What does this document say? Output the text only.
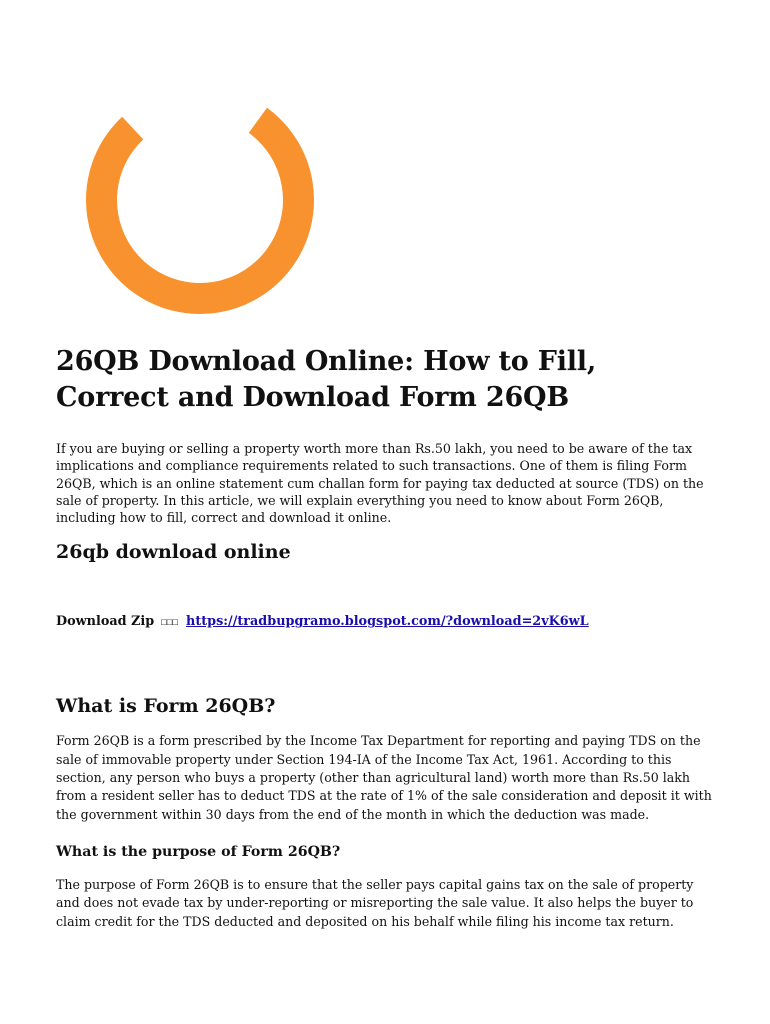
26QB Download Online: How to Fill, Correct and Download Form 26QB

If you are buying or selling a property worth more than Rs.50 lakh, you need to be aware of the tax implications and compliance requirements related to such transactions. One of them is filing Form 26QB, which is an online statement cum challan form for paying tax deducted at source (TDS) on the sale of property. In this article, we will explain everything you need to know about Form 26QB, including how to fill, correct and download it online.

26qb download online
Download Zip ☐☐☐ https://tradbupgramo.blogspot.com/?download=2vK6wL
What is Form 26QB?

Form 26QB is a form prescribed by the Income Tax Department for reporting and paying TDS on the sale of immovable property under Section 194-IA of the Income Tax Act, 1961. According to this section, any person who buys a property (other than agricultural land) worth more than Rs.50 lakh from a resident seller has to deduct TDS at the rate of 1% of the sale consideration and deposit it with the government within 30 days from the end of the month in which the deduction was made.

What is the purpose of Form 26QB?

The purpose of Form 26QB is to ensure that the seller pays capital gains tax on the sale of property and does not evade tax by under-reporting or misreporting the sale value. It also helps the buyer to claim credit for the TDS deducted and deposited on his behalf while filing his income tax return.
